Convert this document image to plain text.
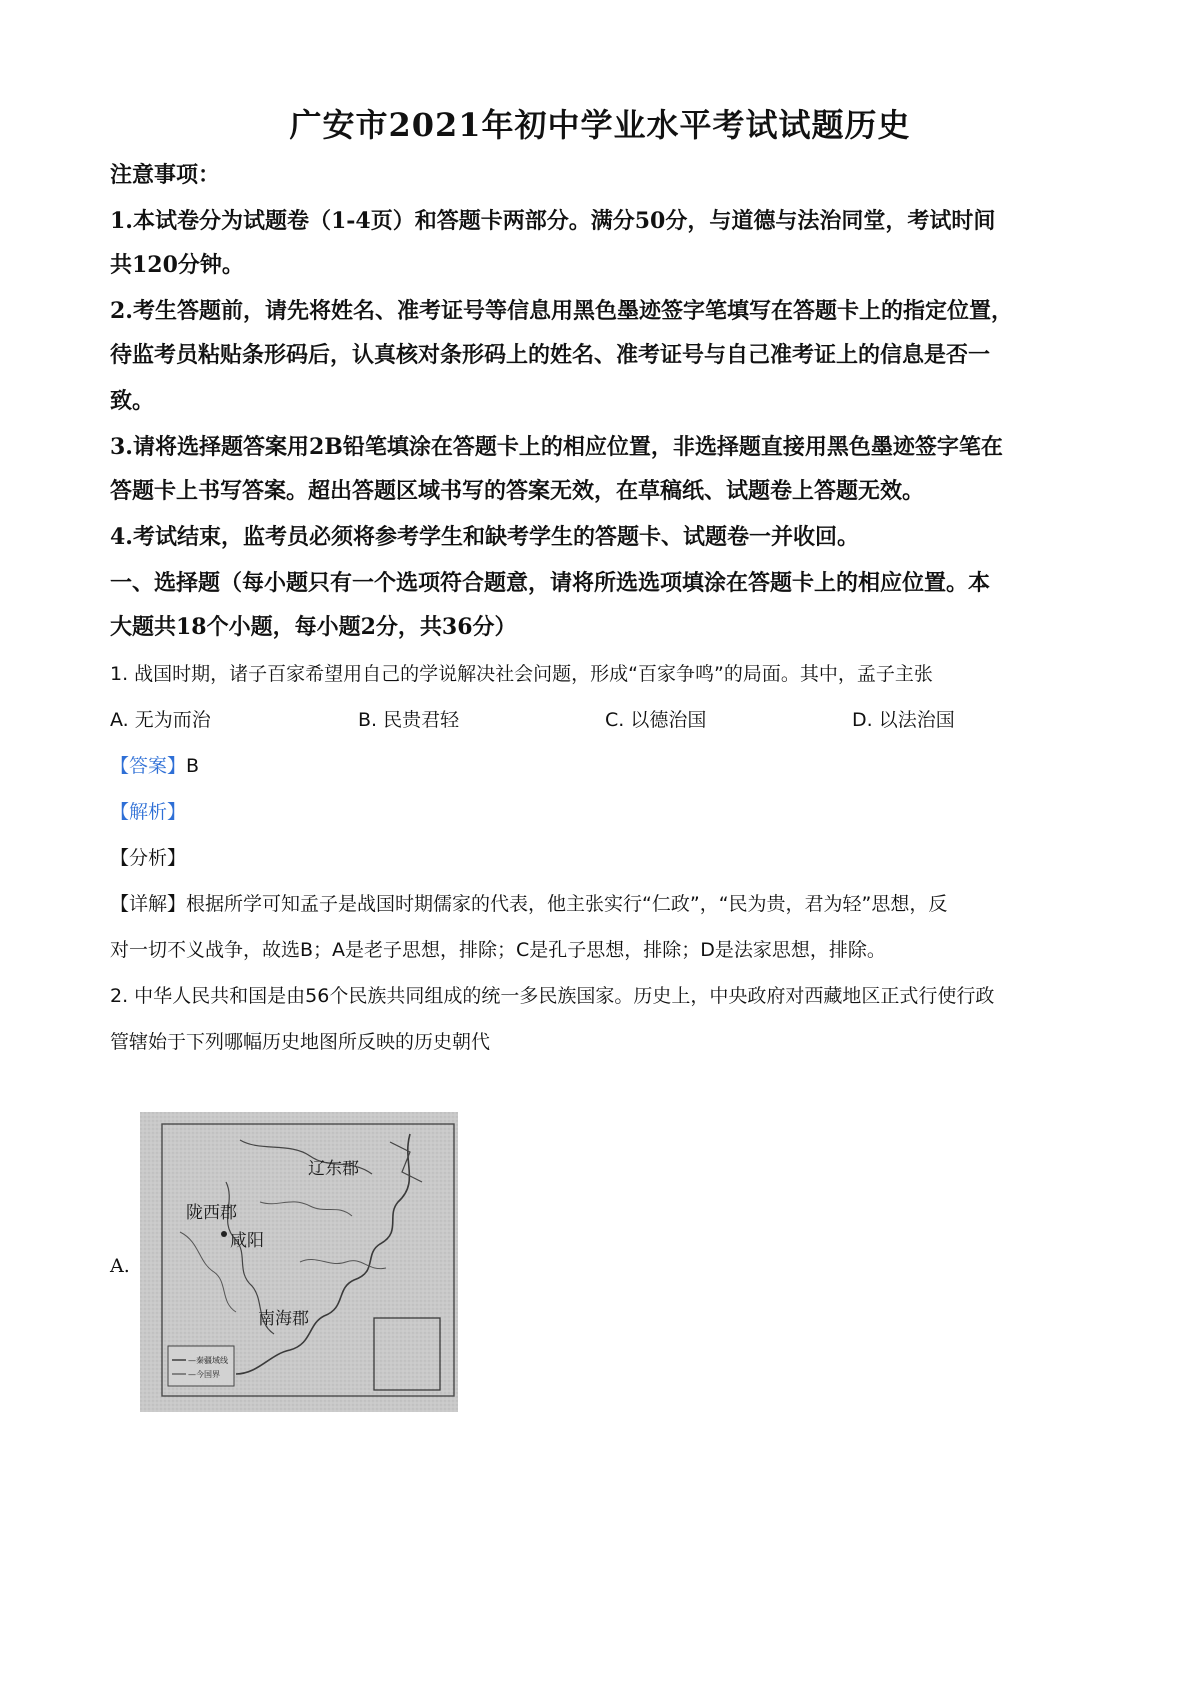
广安市2021年初中学业水平考试试题历史
注意事项：
1.本试卷分为试题卷（1-4页）和答题卡两部分。满分50分，与道德与法治同堂，考试时间
共120分钟。
2.考生答题前，请先将姓名、准考证号等信息用黑色墨迹签字笔填写在答题卡上的指定位置，
待监考员粘贴条形码后，认真核对条形码上的姓名、准考证号与自己准考证上的信息是否一
致。
3.请将选择题答案用2B铅笔填涂在答题卡上的相应位置，非选择题直接用黑色墨迹签字笔在
答题卡上书写答案。超出答题区域书写的答案无效，在草稿纸、试题卷上答题无效。
4.考试结束，监考员必须将参考学生和缺考学生的答题卡、试题卷一并收回。
一、选择题（每小题只有一个选项符合题意，请将所选选项填涂在答题卡上的相应位置。本
大题共18个小题，每小题2分，共36分）
1. 战国时期，诸子百家希望用自己的学说解决社会问题，形成“百家争鸣”的局面。其中，孟子主张
A. 无为而治	B. 民贵君轻	C. 以德治国	D. 以法治国
【答案】B
【解析】
【分析】
【详解】根据所学可知孟子是战国时期儒家的代表，他主张实行“仁政”，“民为贵，君为轻”思想，反
对一切不义战争，故选B；A是老子思想，排除；C是孔子思想，排除；D是法家思想，排除。
2. 中华人民共和国是由56个民族共同组成的统一多民族国家。历史上，中央政府对西藏地区正式行使行政
管辖始于下列哪幅历史地图所反映的历史朝代
A.
—秦疆域线
—今国界
辽东郡
陇西郡
咸阳
南海郡
